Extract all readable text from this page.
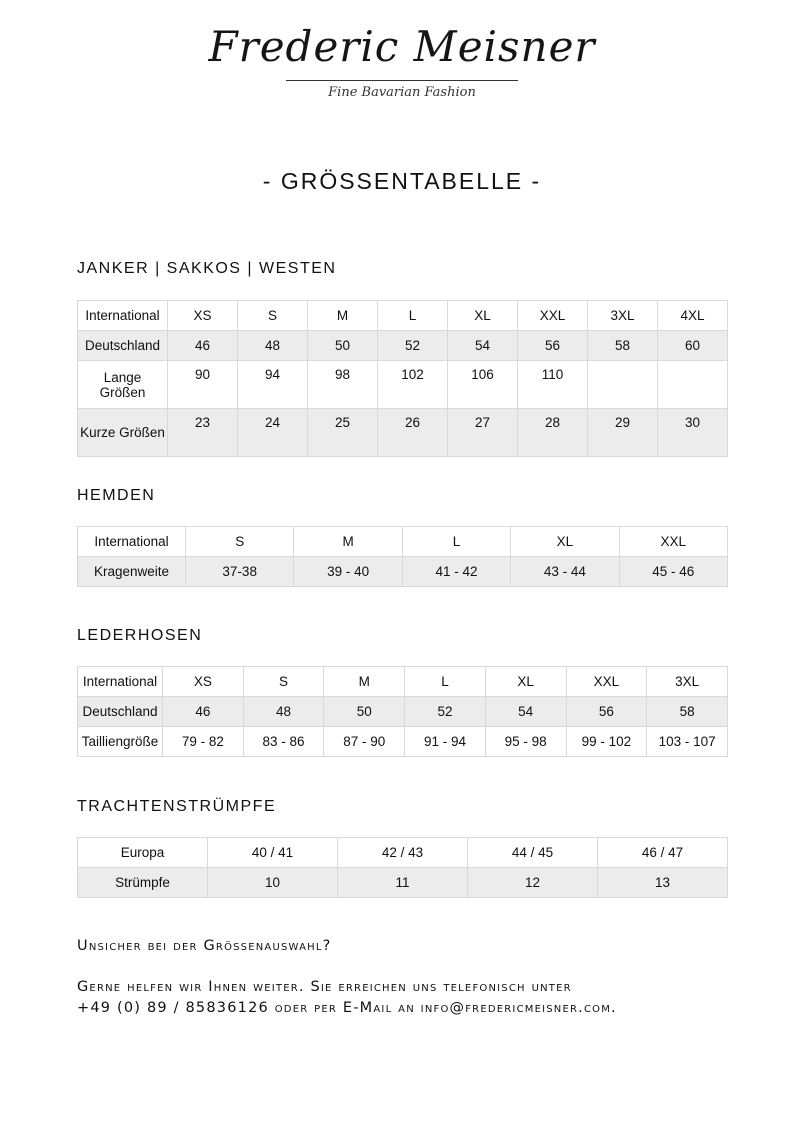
Frederic Meisner
Fine Bavarian Fashion
- GRÖSSENTABELLE -
JANKER | SAKKOS | WESTEN
International	XS	S	M	L	XL	XXL	3XL	4XL
Deutschland	46	48	50	52	54	56	58	60
Lange Größen	90	94	98	102	106	110		
Kurze Größen	23	24	25	26	27	28	29	30
HEMDEN
International	S	M	L	XL	XXL
Kragenweite	37-38	39 - 40	41 - 42	43 - 44	45 - 46
LEDERHOSEN
International	XS	S	M	L	XL	XXL	3XL
Deutschland	46	48	50	52	54	56	58
Tailliengröße	79 - 82	83 - 86	87 - 90	91 - 94	95 - 98	99 - 102	103 - 107
TRACHTENSTRÜMPFE
Europa	40 / 41	42 / 43	44 / 45	46 / 47
Strümpfe	10	11	12	13
Unsicher bei der Grössenauswahl?
Gerne helfen wir Ihnen weiter. Sie erreichen uns telefonisch unter
+49 (0) 89 / 85836126 oder per E-Mail an info@fredericmeisner.com.
